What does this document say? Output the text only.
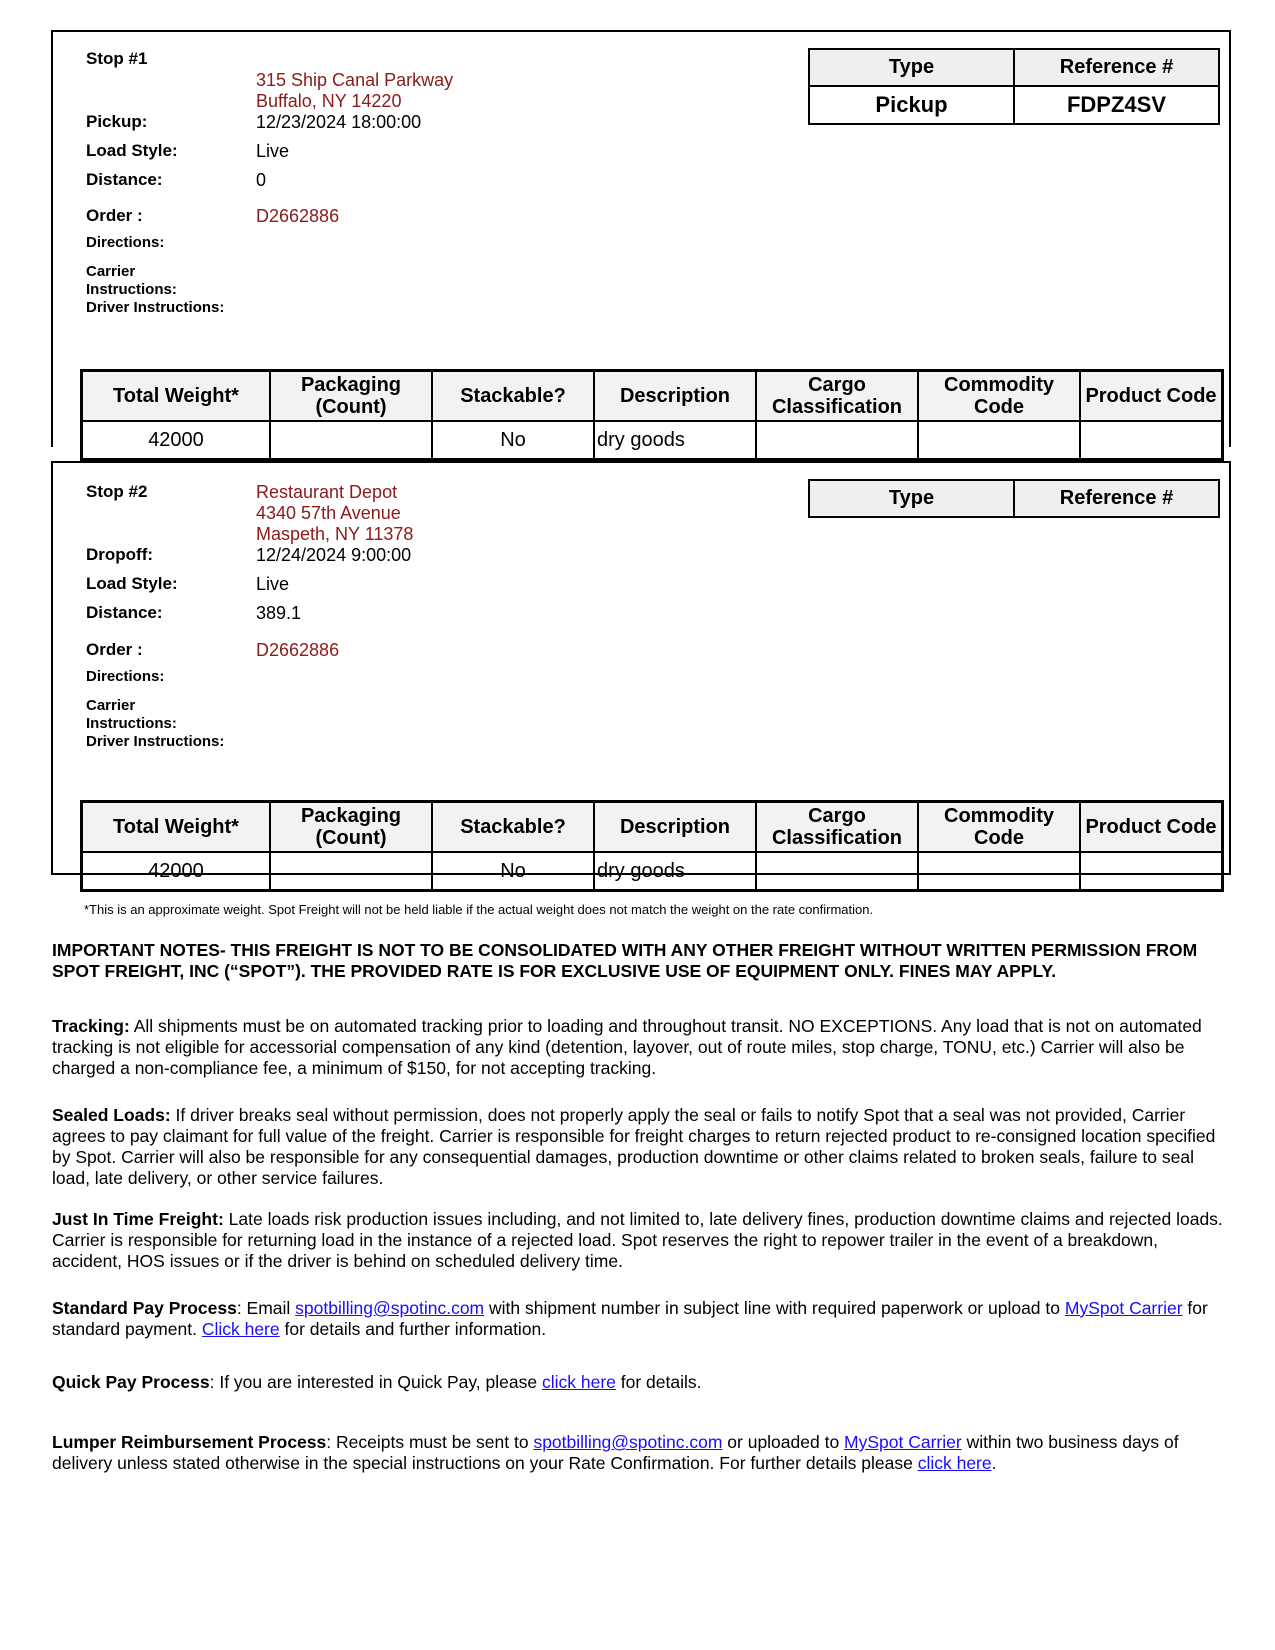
Stop #1
315 Ship Canal Parkway
Buffalo, NY 14220
Pickup:	12/23/2024 18:00:00
Load Style:	Live
Distance:	0
Order :	D2662886
Directions:
Carrier
Instructions:
Driver Instructions:
Type	Reference #
Pickup	FDPZ4SV
Total Weight*	Packaging (Count)	Stackable?	Description	Cargo Classification	Commodity Code	Product Code
42000		No	dry goods			
Stop #2	Restaurant Depot
4340 57th Avenue
Maspeth, NY 11378
Dropoff:	12/24/2024 9:00:00
Load Style:	Live
Distance:	389.1
Order :	D2662886
Directions:
Carrier
Instructions:
Driver Instructions:
Type	Reference #
Total Weight*	Packaging (Count)	Stackable?	Description	Cargo Classification	Commodity Code	Product Code
42000		No	dry goods			
*This is an approximate weight. Spot Freight will not be held liable if the actual weight does not match the weight on the rate confirmation.
IMPORTANT NOTES- THIS FREIGHT IS NOT TO BE CONSOLIDATED WITH ANY OTHER FREIGHT WITHOUT WRITTEN PERMISSION FROM SPOT FREIGHT, INC (“SPOT”). THE PROVIDED RATE IS FOR EXCLUSIVE USE OF EQUIPMENT ONLY. FINES MAY APPLY.
Tracking: All shipments must be on automated tracking prior to loading and throughout transit. NO EXCEPTIONS. Any load that is not on automated tracking is not eligible for accessorial compensation of any kind (detention, layover, out of route miles, stop charge, TONU, etc.) Carrier will also be charged a non-compliance fee, a minimum of $150, for not accepting tracking.
Sealed Loads: If driver breaks seal without permission, does not properly apply the seal or fails to notify Spot that a seal was not provided, Carrier agrees to pay claimant for full value of the freight. Carrier is responsible for freight charges to return rejected product to re-consigned location specified by Spot. Carrier will also be responsible for any consequential damages, production downtime or other claims related to broken seals, failure to seal load, late delivery, or other service failures.
Just In Time Freight: Late loads risk production issues including, and not limited to, late delivery fines, production downtime claims and rejected loads. Carrier is responsible for returning load in the instance of a rejected load. Spot reserves the right to repower trailer in the event of a breakdown, accident, HOS issues or if the driver is behind on scheduled delivery time.
Standard Pay Process: Email spotbilling@spotinc.com with shipment number in subject line with required paperwork or upload to MySpot Carrier for standard payment. Click here for details and further information.
Quick Pay Process: If you are interested in Quick Pay, please click here for details.
Lumper Reimbursement Process: Receipts must be sent to spotbilling@spotinc.com or uploaded to MySpot Carrier within two business days of delivery unless stated otherwise in the special instructions on your Rate Confirmation. For further details please click here.
